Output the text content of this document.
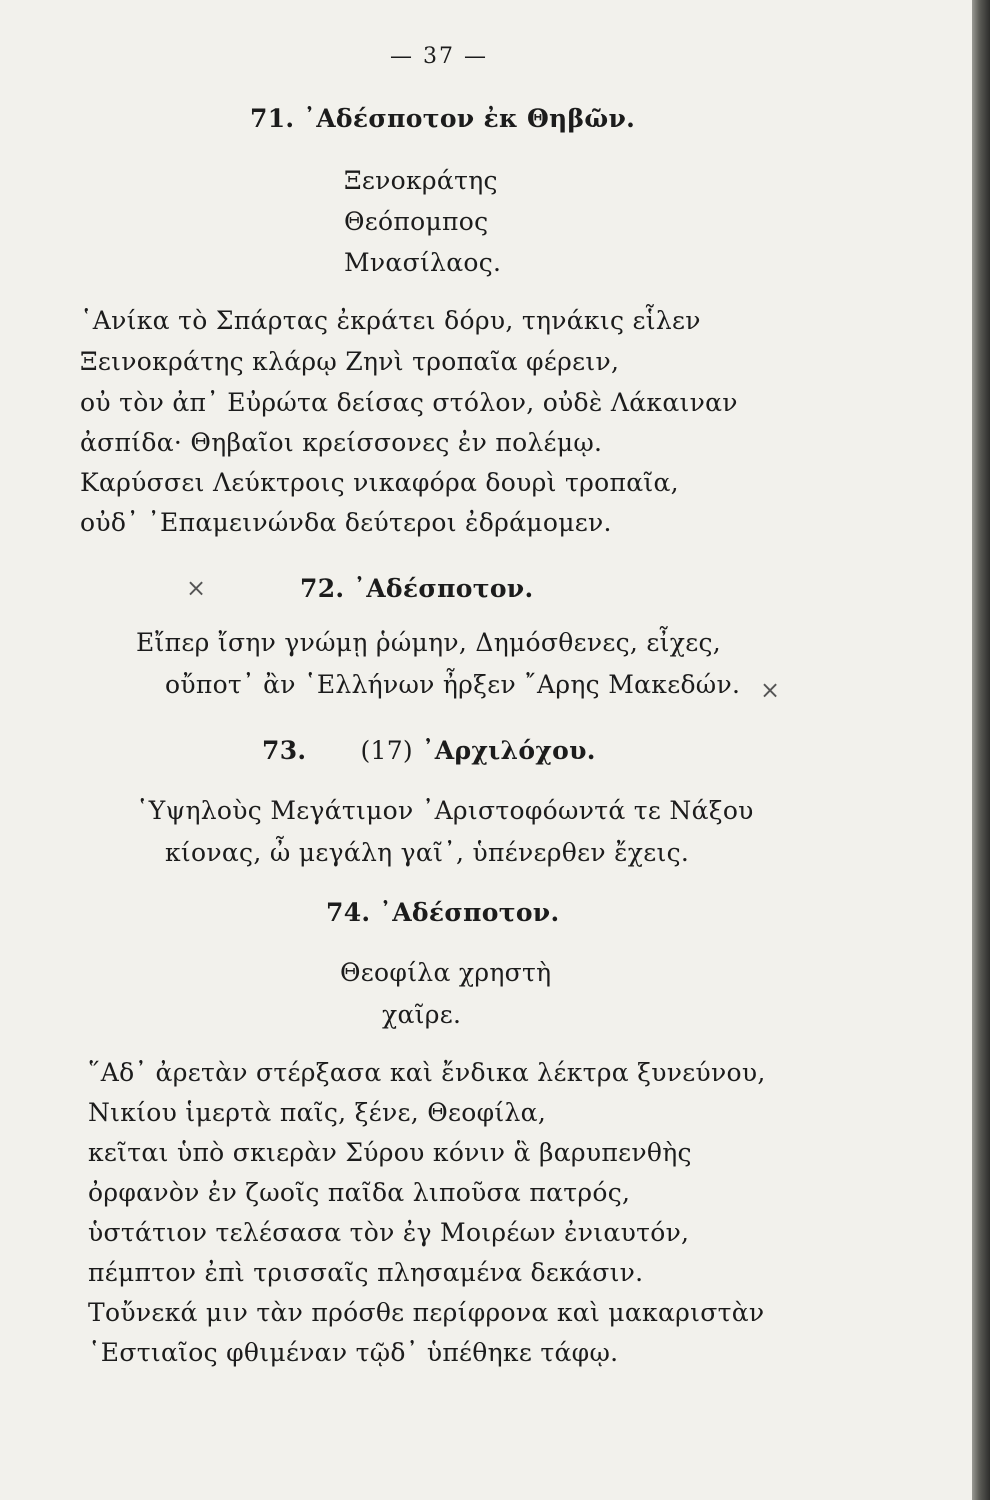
— 37 —
71. ᾿Αδέσποτον ἐκ Θηβῶν.
Ξενοκράτης
Θεόπομπος
Μνασίλαος.
῾Ανίκα τὸ Σπάρτας ἐκράτει δόρυ, τηνάκις εἷλεν
Ξεινοκράτης κλάρῳ Ζηνὶ τροπαῖα φέρειν,
οὐ τὸν ἀπ᾿ Εὐρώτα δείσας στόλον, οὐδὲ Λάκαιναν
ἀσπίδα· Θηβαῖοι κρείσσονες ἐν πολέμῳ.
Καρύσσει Λεύκτροις νικαφόρα δουρὶ τροπαῖα,
οὐδ᾿ ᾿Επαμεινώνδα δεύτεροι ἐδράμομεν.
×	72. ᾿Αδέσποτον.
Εἴπερ ἴσην γνώμῃ ῥώμην, Δημόσθενες, εἶχες,
οὔποτ᾿ ἂν ῾Ελλήνων ἦρξεν ῎Αρης Μακεδών. ×
73. (17) ᾿Αρχιλόχου.
῾Υψηλοὺς Μεγάτιμον ᾿Αριστοφόωντά τε Νάξου
κίονας, ὦ μεγάλη γαῖ᾿, ὑπένερθεν ἔχεις.
74. ᾿Αδέσποτον.
Θεοφίλα χρηστὴ
χαῖρε.
῞Αδ᾿ ἀρετὰν στέρξασα καὶ ἔνδικα λέκτρα ξυνεύνου,
Νικίου ἱμερτὰ παῖς, ξένε, Θεοφίλα,
κεῖται ὑπὸ σκιερὰν Σύρου κόνιν ἃ βαρυπενθὴς
ὀρφανὸν ἐν ζωοῖς παῖδα λιποῦσα πατρός,
ὑστάτιον τελέσασα τὸν ἐγ Μοιρέων ἐνιαυτόν,
πέμπτον ἐπὶ τρισσαῖς πλησαμένα δεκάσιν.
Τοὔνεκά μιν τὰν πρόσθε περίφρονα καὶ μακαριστὰν
῾Εστιαῖος φθιμέναν τῷδ᾿ ὑπέθηκε τάφῳ.
